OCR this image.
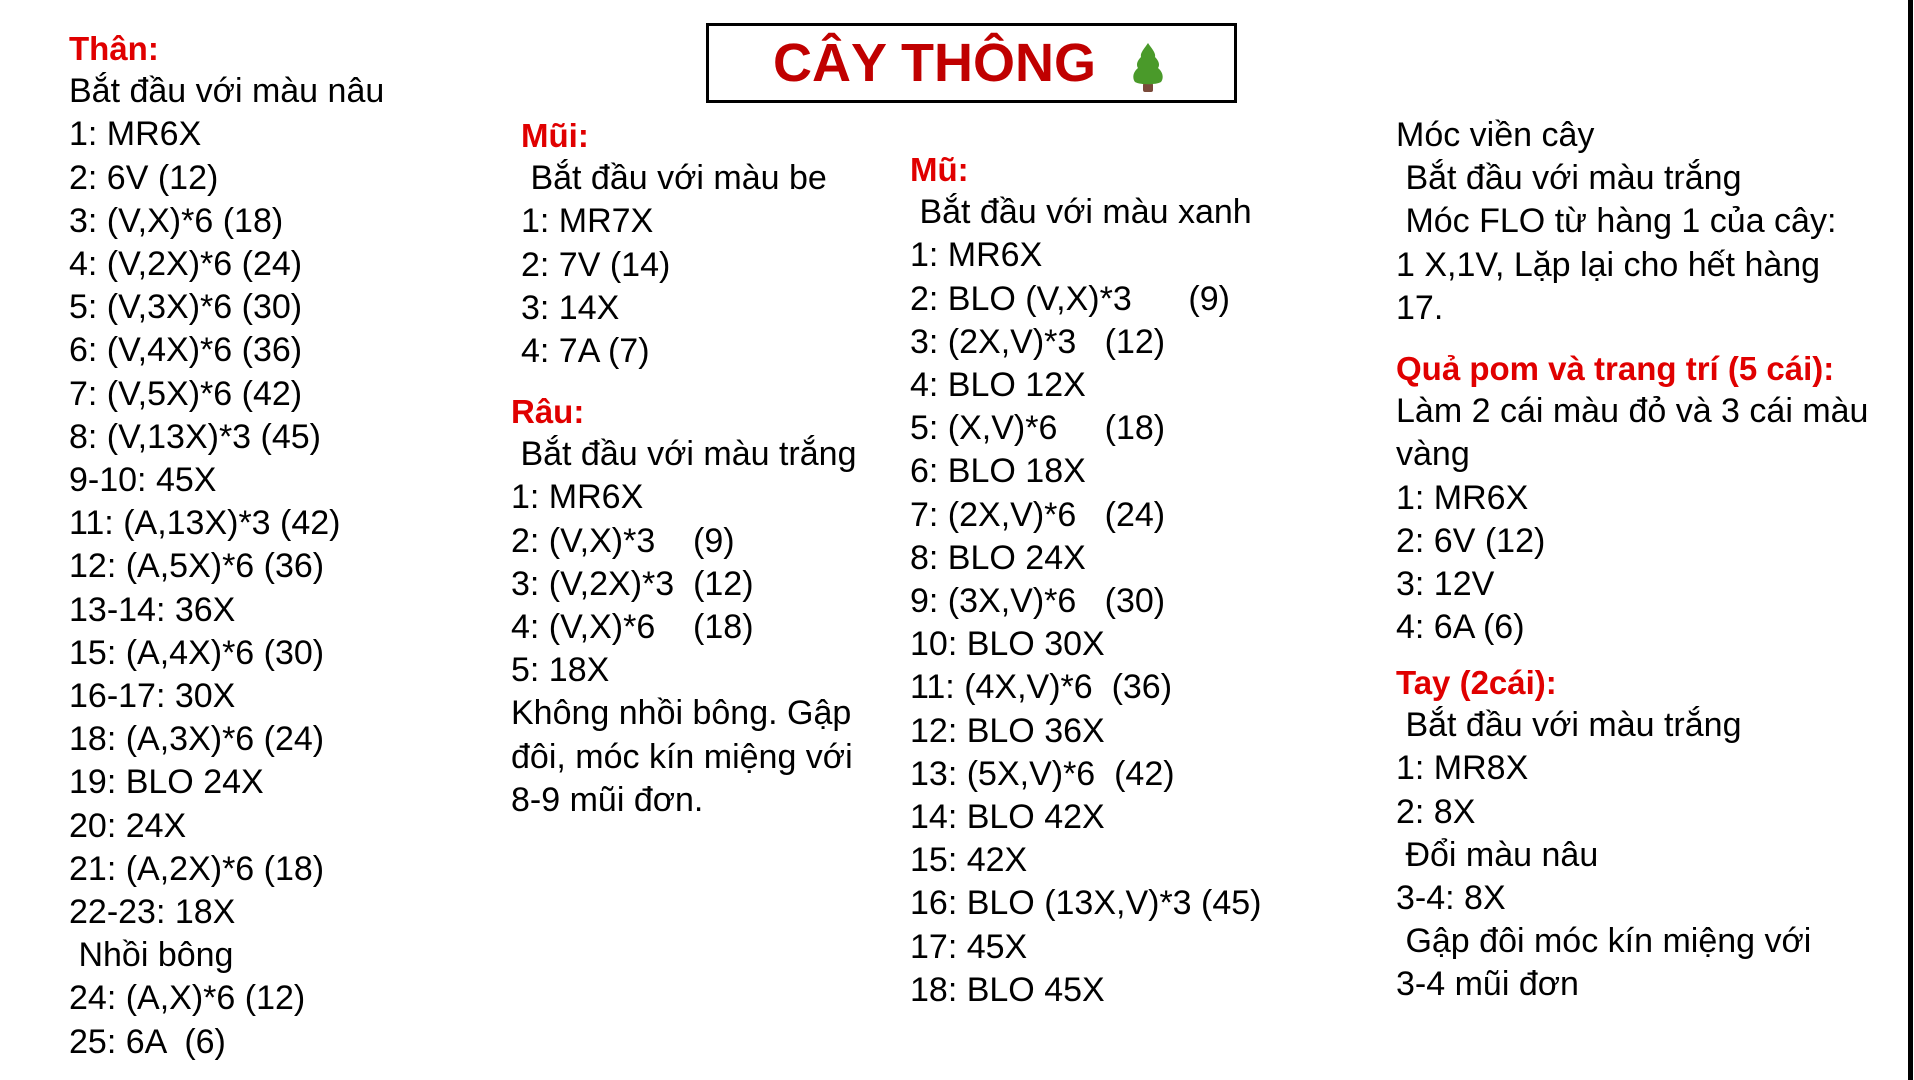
CÂY THÔNG
Thân:
Bắt đầu với màu nâu
1: MR6X
2: 6V (12)
3: (V,X)*6 (18)
4: (V,2X)*6 (24)
5: (V,3X)*6 (30)
6: (V,4X)*6 (36)
7: (V,5X)*6 (42)
8: (V,13X)*3 (45)
9-10: 45X
11: (A,13X)*3 (42)
12: (A,5X)*6 (36)
13-14: 36X
15: (A,4X)*6 (30)
16-17: 30X
18: (A,3X)*6 (24)
19: BLO 24X
20: 24X
21: (A,2X)*6 (18)
22-23: 18X
Nhồi bông
24: (A,X)*6 (12)
25: 6A  (6)
Mũi:
Bắt đầu với màu be
1: MR7X
2: 7V (14)
3: 14X
4: 7A (7)
Râu:
Bắt đầu với màu trắng
1: MR6X
2: (V,X)*3    (9)
3: (V,2X)*3  (12)
4: (V,X)*6    (18)
5: 18X
Không nhồi bông. Gập
đôi, móc kín miệng với
8-9 mũi đơn.
Mũ:
Bắt đầu với màu xanh
1: MR6X
2: BLO (V,X)*3      (9)
3: (2X,V)*3   (12)
4: BLO 12X
5: (X,V)*6     (18)
6: BLO 18X
7: (2X,V)*6   (24)
8: BLO 24X
9: (3X,V)*6   (30)
10: BLO 30X
11: (4X,V)*6  (36)
12: BLO 36X
13: (5X,V)*6  (42)
14: BLO 42X
15: 42X
16: BLO (13X,V)*3 (45)
17: 45X
18: BLO 45X
Móc viền cây
Bắt đầu với màu trắng
Móc FLO từ hàng 1 của cây:
1 X,1V, Lặp lại cho hết hàng
17.
Quả pom và trang trí (5 cái):
Làm 2 cái màu đỏ và 3 cái màu
vàng
1: MR6X
2: 6V (12)
3: 12V
4: 6A (6)
Tay (2cái):
Bắt đầu với màu trắng
1: MR8X
2: 8X
Đổi màu nâu
3-4: 8X
Gập đôi móc kín miệng với
3-4 mũi đơn
